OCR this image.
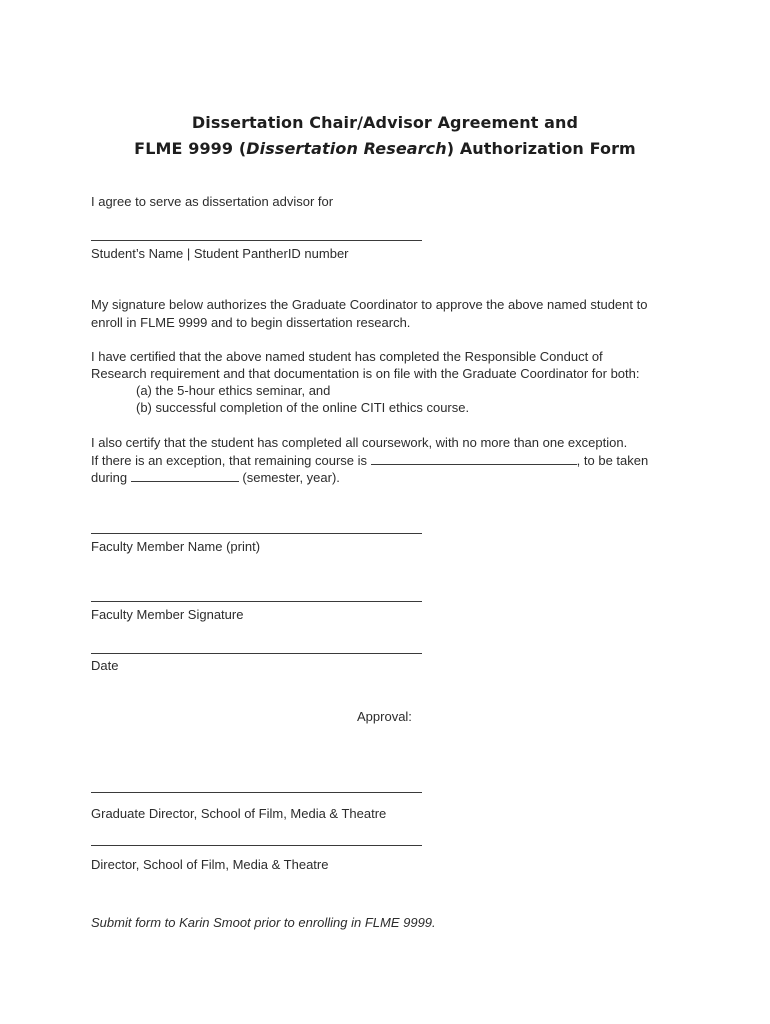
Dissertation Chair/Advisor Agreement and
FLME 9999 (Dissertation Research) Authorization Form
I agree to serve as dissertation advisor for
Student’s Name | Student PantherID number
My signature below authorizes the Graduate Coordinator to approve the above named student to
enroll in FLME 9999 and to begin dissertation research.
I have certified that the above named student has completed the Responsible Conduct of
Research requirement and that documentation is on file with the Graduate Coordinator for both:
(a) the 5-hour ethics seminar, and
(b) successful completion of the online CITI ethics course.
I also certify that the student has completed all coursework, with no more than one exception.
If there is an exception, that remaining course is	, to be taken
during	(semester, year).
Faculty Member Name (print)
Faculty Member Signature
Date
Approval:
Graduate Director, School of Film, Media & Theatre
Director, School of Film, Media & Theatre
Submit form to Karin Smoot prior to enrolling in FLME 9999.
